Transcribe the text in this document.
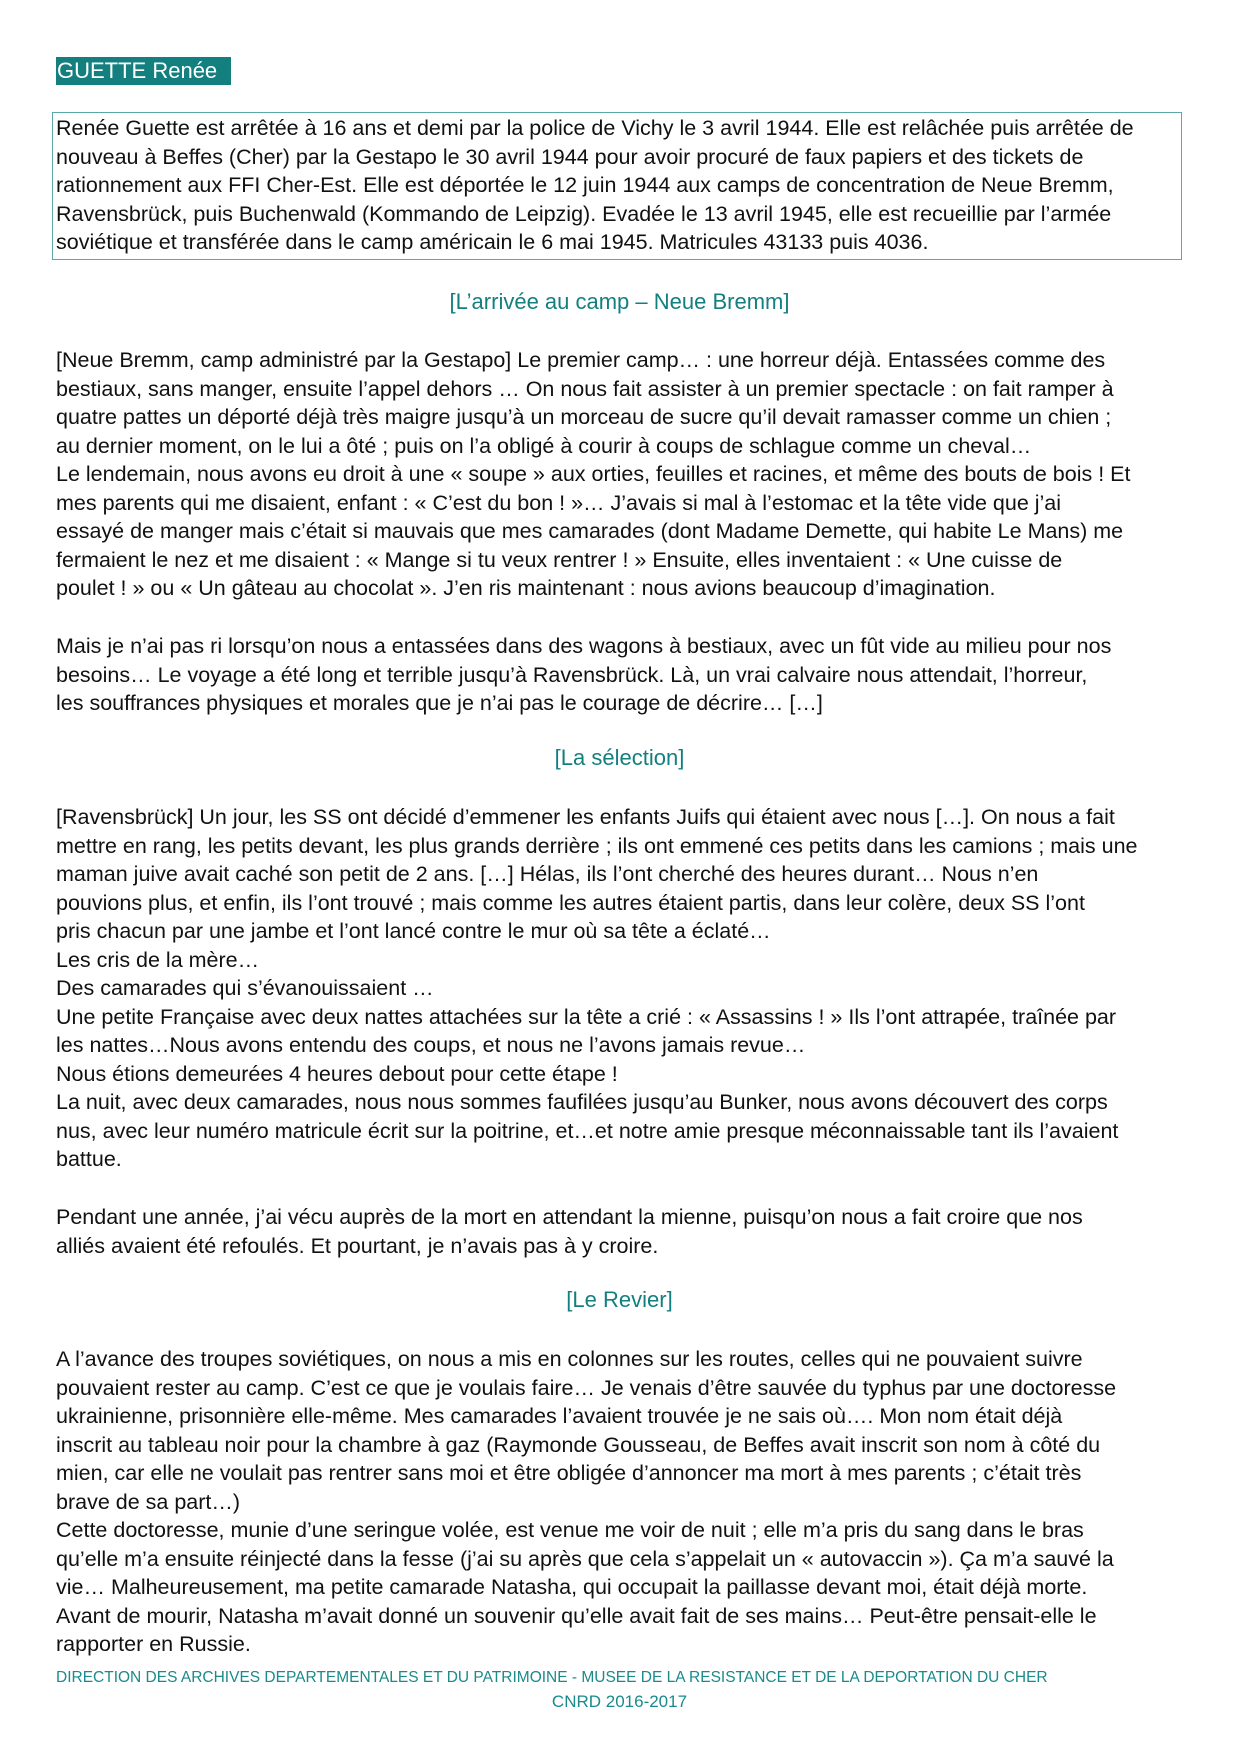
GUETTE Renée
Renée Guette est arrêtée à 16 ans et demi par la police de Vichy le 3 avril 1944. Elle est relâchée puis arrêtée de
nouveau à Beffes (Cher) par la Gestapo le 30 avril 1944 pour avoir procuré de faux papiers et des tickets de
rationnement aux FFI Cher-Est. Elle est déportée le 12 juin 1944 aux camps de concentration de Neue Bremm,
Ravensbrück, puis Buchenwald (Kommando de Leipzig). Evadée le 13 avril 1945, elle est recueillie par l’armée
soviétique et transférée dans le camp américain le 6 mai 1945. Matricules 43133 puis 4036.
[L’arrivée au camp – Neue Bremm]
[Neue Bremm, camp administré par la Gestapo] Le premier camp… : une horreur déjà. Entassées comme des
bestiaux, sans manger, ensuite l’appel dehors … On nous fait assister à un premier spectacle : on fait ramper à
quatre pattes un déporté déjà très maigre jusqu’à un morceau de sucre qu’il devait ramasser comme un chien ;
au dernier moment, on le lui a ôté ; puis on l’a obligé à courir à coups de schlague comme un cheval…
Le lendemain, nous avons eu droit à une « soupe » aux orties, feuilles et racines, et même des bouts de bois ! Et
mes parents qui me disaient, enfant : « C’est du bon ! »… J’avais si mal à l’estomac et la tête vide que j’ai
essayé de manger mais c’était si mauvais que mes camarades (dont Madame Demette, qui habite Le Mans) me
fermaient le nez et me disaient : « Mange si tu veux rentrer ! » Ensuite, elles inventaient : « Une cuisse de
poulet ! » ou « Un gâteau au chocolat ». J’en ris maintenant : nous avions beaucoup d’imagination.
Mais je n’ai pas ri lorsqu’on nous a entassées dans des wagons à bestiaux, avec un fût vide au milieu pour nos
besoins… Le voyage a été long et terrible jusqu’à Ravensbrück. Là, un vrai calvaire nous attendait, l’horreur,
les souffrances physiques et morales que je n’ai pas le courage de décrire… […]
[La sélection]
[Ravensbrück] Un jour, les SS ont décidé d’emmener les enfants Juifs qui étaient avec nous […]. On nous a fait
mettre en rang, les petits devant, les plus grands derrière ; ils ont emmené ces petits dans les camions ; mais une
maman juive avait caché son petit de 2 ans. […] Hélas, ils l’ont cherché des heures durant… Nous n’en
pouvions plus, et enfin, ils l’ont trouvé ; mais comme les autres étaient partis, dans leur colère, deux SS l’ont
pris chacun par une jambe et l’ont lancé contre le mur où sa tête a éclaté…
Les cris de la mère…
Des camarades qui s’évanouissaient …
Une petite Française avec deux nattes attachées sur la tête a crié : « Assassins ! » Ils l’ont attrapée, traînée par
les nattes…Nous avons entendu des coups, et nous ne l’avons jamais revue…
Nous étions demeurées 4 heures debout pour cette étape !
La nuit, avec deux camarades, nous nous sommes faufilées jusqu’au Bunker, nous avons découvert des corps
nus, avec leur numéro matricule écrit sur la poitrine, et…et notre amie presque méconnaissable tant ils l’avaient
battue.
Pendant une année, j’ai vécu auprès de la mort en attendant la mienne, puisqu’on nous a fait croire que nos
alliés avaient été refoulés. Et pourtant, je n’avais pas à y croire.
[Le Revier]
A l’avance des troupes soviétiques, on nous a mis en colonnes sur les routes, celles qui ne pouvaient suivre
pouvaient rester au camp. C’est ce que je voulais faire… Je venais d’être sauvée du typhus par une doctoresse
ukrainienne, prisonnière elle-même. Mes camarades l’avaient trouvée je ne sais où…. Mon nom était déjà
inscrit au tableau noir pour la chambre à gaz (Raymonde Gousseau, de Beffes avait inscrit son nom à côté du
mien, car elle ne voulait pas rentrer sans moi et être obligée d’annoncer ma mort à mes parents ; c’était très
brave de sa part…)
Cette doctoresse, munie d’une seringue volée, est venue me voir de nuit ; elle m’a pris du sang dans le bras
qu’elle m’a ensuite réinjecté dans la fesse (j’ai su après que cela s’appelait un « autovaccin »). Ça m’a sauvé la
vie… Malheureusement, ma petite camarade Natasha, qui occupait la paillasse devant moi, était déjà morte.
Avant de mourir, Natasha m’avait donné un souvenir qu’elle avait fait de ses mains… Peut-être pensait-elle le
rapporter en Russie.
DIRECTION DES ARCHIVES DEPARTEMENTALES ET DU PATRIMOINE - MUSEE DE LA RESISTANCE ET DE LA DEPORTATION DU CHER
CNRD 2016-2017
